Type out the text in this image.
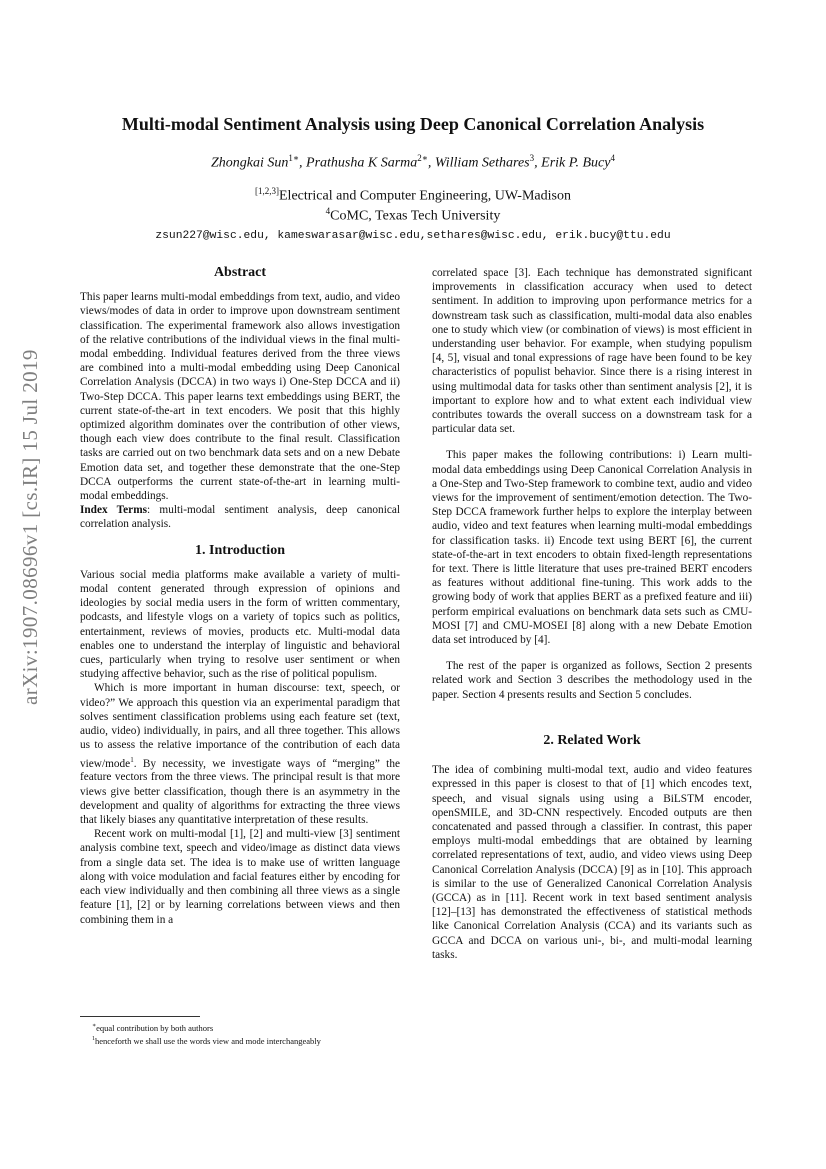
arXiv:1907.08696v1 [cs.IR] 15 Jul 2019
Multi-modal Sentiment Analysis using Deep Canonical Correlation Analysis
Zhongkai Sun$^{1∗}$, Prathusha K Sarma$^{2∗}$, William Sethares$^3$, Erik P. Bucy$^4$
[1,2,3]Electrical and Computer Engineering, UW-Madison
$^4$CoMC, Texas Tech University
zsun227@wisc.edu, kameswarasar@wisc.edu,sethares@wisc.edu, erik.bucy@ttu.edu
Abstract

This paper learns multi-modal embeddings from text, audio, and video views/modes of data in order to improve upon downstream sentiment classification. The experimental framework also allows investigation of the relative contributions of the individual views in the final multi-modal embedding. Individual features derived from the three views are combined into a multi-modal embedding using Deep Canonical Correlation Analysis (DCCA) in two ways i) One-Step DCCA and ii) Two-Step DCCA. This paper learns text embeddings using BERT, the current state-of-the-art in text encoders. We posit that this highly optimized algorithm dominates over the contribution of other views, though each view does contribute to the final result. Classification tasks are carried out on two benchmark data sets and on a new Debate Emotion data set, and together these demonstrate that the one-Step DCCA outperforms the current state-of-the-art in learning multi-modal embeddings.

Index Terms: multi-modal sentiment analysis, deep canonical correlation analysis.

1. Introduction

Various social media platforms make available a variety of multi-modal content generated through expression of opinions and ideologies by social media users in the form of written commentary, podcasts, and lifestyle vlogs on a variety of topics such as politics, entertainment, reviews of movies, products etc. Multi-modal data enables one to understand the interplay of linguistic and behavioral cues, particularly when trying to resolve user sentiment or when studying affective behavior, such as the rise of political populism.

Which is more important in human discourse: text, speech, or video?” We approach this question via an experimental paradigm that solves sentiment classification problems using each feature set (text, audio, video) individually, in pairs, and all three together. This allows us to assess the relative importance of the contribution of each data view/mode$^1$. By necessity, we investigate ways of “merging” the feature vectors from the three views. The principal result is that more views give better classification, though there is an asymmetry in the development and quality of algorithms for extracting the three views that likely biases any quantitative interpretation of these results.

Recent work on multi-modal [1], [2] and multi-view [3] sentiment analysis combine text, speech and video/image as distinct data views from a single data set. The idea is to make use of written language along with voice modulation and facial features either by encoding for each view individually and then combining all three views as a single feature [1], [2] or by learning correlations between views and then combining them in a

correlated space [3]. Each technique has demonstrated significant improvements in classification accuracy when used to detect sentiment. In addition to improving upon performance metrics for a downstream task such as classification, multi-modal data also enables one to study which view (or combination of views) is most efficient in understanding user behavior. For example, when studying populism [4, 5], visual and tonal expressions of rage have been found to be key characteristics of populist behavior. Since there is a rising interest in using multimodal data for tasks other than sentiment analysis [2], it is important to explore how and to what extent each individual view contributes towards the overall success on a downstream task for a particular data set.

This paper makes the following contributions: i) Learn multi-modal data embeddings using Deep Canonical Correlation Analysis in a One-Step and Two-Step framework to combine text, audio and video views for the improvement of sentiment/emotion detection. The Two-Step DCCA framework further helps to explore the interplay between audio, video and text features when learning multi-modal embeddings for classification tasks. ii) Encode text using BERT [6], the current state-of-the-art in text encoders to obtain fixed-length representations for text. There is little literature that uses pre-trained BERT encoders as features without additional fine-tuning. This work adds to the growing body of work that applies BERT as a prefixed feature and iii) perform empirical evaluations on benchmark data sets such as CMU-MOSI [7] and CMU-MOSEI [8] along with a new Debate Emotion data set introduced by [4].

The rest of the paper is organized as follows, Section 2 presents related work and Section 3 describes the methodology used in the paper. Section 4 presents results and Section 5 concludes.

2. Related Work

The idea of combining multi-modal text, audio and video features expressed in this paper is closest to that of [1] which encodes text, speech, and visual signals using using a BiLSTM encoder, openSMILE, and 3D-CNN respectively. Encoded outputs are then concatenated and passed through a classifier. In contrast, this paper employs multi-modal embeddings that are obtained by learning correlated representations of text, audio, and video views using Deep Canonical Correlation Analysis (DCCA) [9] as in [10]. This approach is similar to the use of Generalized Canonical Correlation Analysis (GCCA) as in [11]. Recent work in text based sentiment analysis [12]–[13] has demonstrated the effectiveness of statistical methods like Canonical Correlation Analysis (CCA) and its variants such as GCCA and DCCA on various uni-, bi-, and multi-modal learning tasks.

∗equal contribution by both authors

$^1$henceforth we shall use the words view and mode interchangeably
